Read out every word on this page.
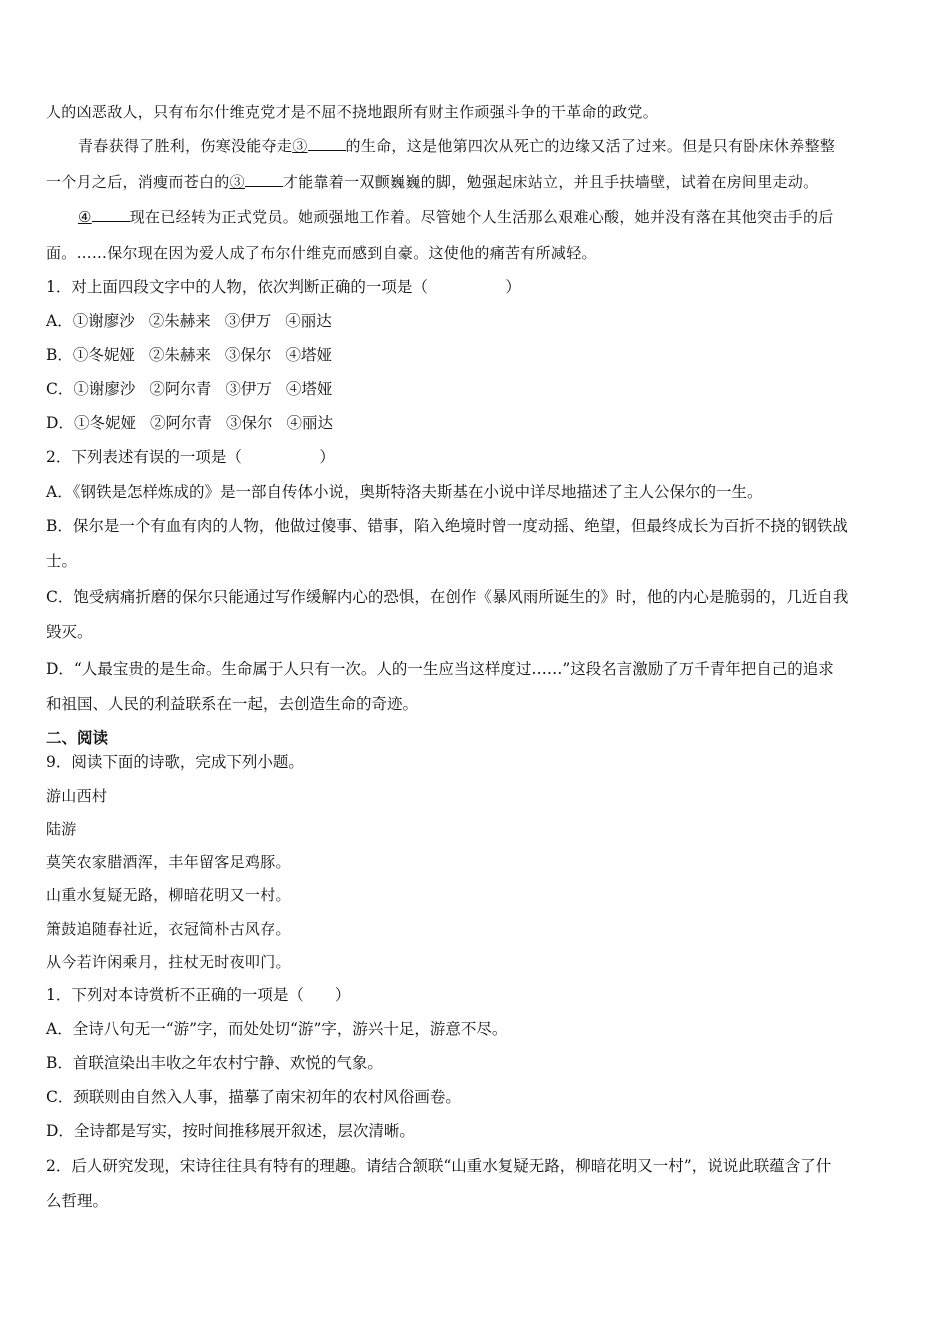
人的凶恶敌人，只有布尔什维克党才是不屈不挠地跟所有财主作顽强斗争的干革命的政党。
青春获得了胜利，伤寒没能夺走③	的生命，这是他第四次从死亡的边缘又活了过来。但是只有卧床休养整整
一个月之后，消瘦而苍白的③	才能靠着一双颤巍巍的脚，勉强起床站立，并且手扶墙壁，试着在房间里走动。
④	现在已经转为正式党员。她顽强地工作着。尽管她个人生活那么艰难心酸，她并没有落在其他突击手的后
面。……保尔现在因为爱人成了布尔什维克而感到自豪。这使他的痛苦有所减轻。
1．对上面四段文字中的人物，依次判断正确的一项是（　　　　　）
A．①谢廖沙 ②朱赫来 ③伊万 ④丽达
B．①冬妮娅 ②朱赫来 ③保尔 ④塔娅
C．①谢廖沙 ②阿尔青 ③伊万 ④塔娅
D．①冬妮娅 ②阿尔青 ③保尔 ④丽达
2．下列表述有误的一项是（　　　　　）
A．《钢铁是怎样炼成的》是一部自传体小说，奥斯特洛夫斯基在小说中详尽地描述了主人公保尔的一生。
B．保尔是一个有血有肉的人物，他做过傻事、错事，陷入绝境时曾一度动摇、绝望，但最终成长为百折不挠的钢铁战
士。
C．饱受病痛折磨的保尔只能通过写作缓解内心的恐惧，在创作《暴风雨所诞生的》时，他的内心是脆弱的，几近自我
毁灭。
D．“人最宝贵的是生命。生命属于人只有一次。人的一生应当这样度过……”这段名言激励了万千青年把自己的追求
和祖国、人民的利益联系在一起，去创造生命的奇迹。
二、阅读
9．阅读下面的诗歌，完成下列小题。
游山西村
陆游
莫笑农家腊酒浑，丰年留客足鸡豚。
山重水复疑无路，柳暗花明又一村。
箫鼓追随春社近，衣冠简朴古风存。
从今若许闲乘月，拄杖无时夜叩门。
1．下列对本诗赏析不正确的一项是（　　）
A．全诗八句无一“游”字，而处处切“游”字，游兴十足，游意不尽。
B．首联渲染出丰收之年农村宁静、欢悦的气象。
C．颈联则由自然入人事，描摹了南宋初年的农村风俗画卷。
D．全诗都是写实，按时间推移展开叙述，层次清晰。
2．后人研究发现，宋诗往往具有特有的理趣。请结合颔联“山重水复疑无路，柳暗花明又一村”，说说此联蕴含了什
么哲理。
